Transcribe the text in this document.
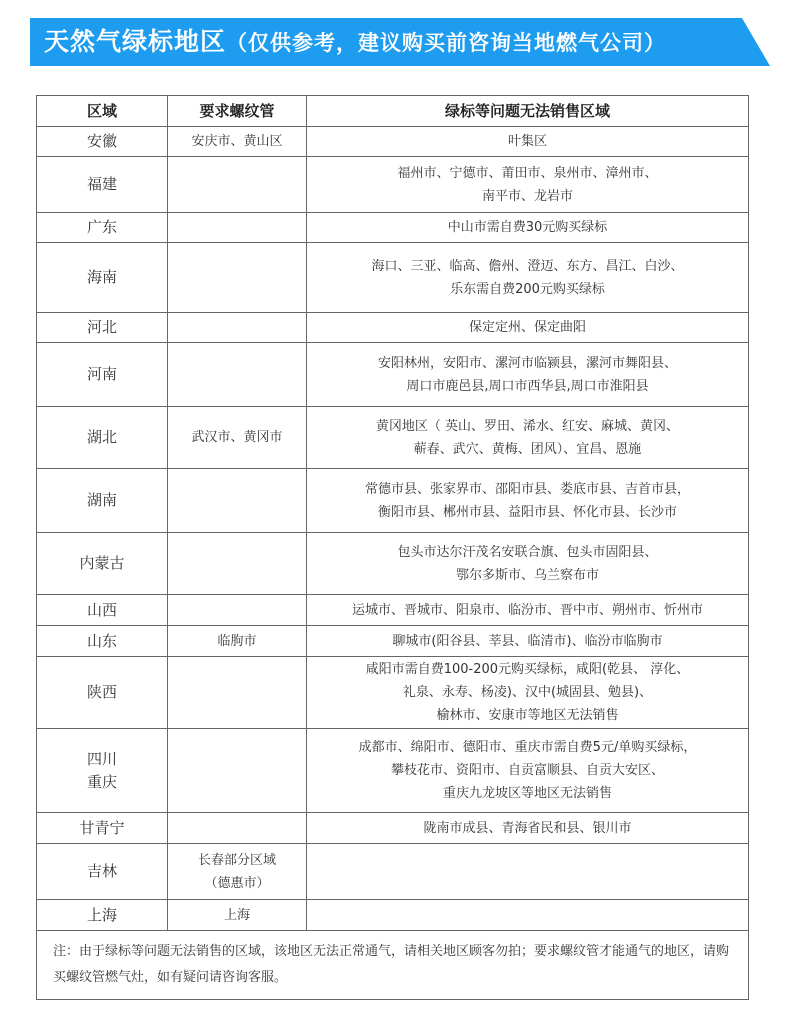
天然气绿标地区（仅供参考，建议购买前咨询当地燃气公司）
区域	要求螺纹管	绿标等问题无法销售区域

安徽	安庆市、黄山区	叶集区

福建		福州市、宁德市、莆田市、泉州市、漳州市、
南平市、龙岩市

广东		中山市需自费30元购买绿标

海南		海口、三亚、临高、儋州、澄迈、东方、昌江、白沙、
乐东需自费200元购买绿标

河北		保定定州、保定曲阳

河南		安阳林州，安阳市、漯河市临颍县，漯河市舞阳县、
周口市鹿邑县,周口市西华县,周口市淮阳县

湖北	武汉市、黄冈市	黄冈地区（ 英山、罗田、浠水、红安、麻城、黄冈、
蕲春、武穴、黄梅、团风）、宜昌、恩施

湖南		常德市县、张家界市、邵阳市县、娄底市县、吉首市县，
衡阳市县、郴州市县、益阳市县、怀化市县、长沙市

内蒙古		包头市达尔汗茂名安联合旗、包头市固阳县、
鄂尔多斯市、乌兰察布市

山西		运城市、晋城市、阳泉市、临汾市、晋中市、朔州市、忻州市

山东	临朐市	聊城市(阳谷县、莘县、临清市)、临汾市临朐市

陕西		咸阳市需自费100-200元购买绿标，咸阳(乾县、 淳化、
礼泉、永寿、杨凌)、汉中(城固县、勉县)、
榆林市、安康市等地区无法销售

四川
重庆		成都市、绵阳市、德阳市、重庆市需自费5元/单购买绿标，
攀枝花市、资阳市、自贡富顺县、自贡大安区、
重庆九龙坡区等地区无法销售

甘青宁		陇南市成县、青海省民和县、银川市

吉林	长春部分区域
（德惠市）	

上海	上海	

注：由于绿标等问题无法销售的区域，该地区无法正常通气，请相关地区顾客勿拍；要求螺纹管才能通气的地区，请购买螺纹管燃气灶，如有疑问请咨询客服。		
